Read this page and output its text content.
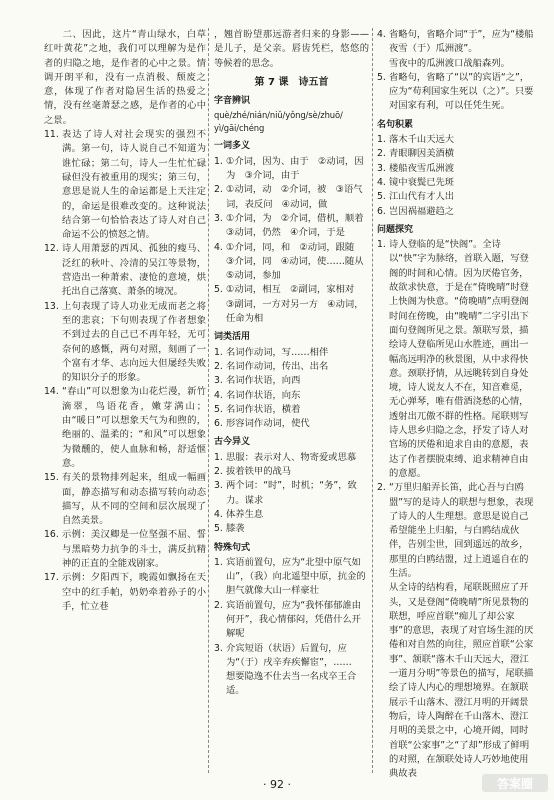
二、因此，这片“青山绿水，白草红叶黄花”之地，我们可以理解为是作者的归隐之地，是作者的心中之景。情调开朗平和，没有一点消极、颓废之意，体现了作者对隐居生活的热爱之情，没有丝毫萧瑟之感，是作者的心中之景。

11. 表达了诗人对社会现实的强烈不满。第一句，诗人说自己不知道为谁忙碌；第二句，诗人一生忙忙碌碌但没有被重用的现实；第三句，意思是说人生的命运都是上天注定的，命运是很难改变的。这种说法结合第一句恰恰表达了诗人对自己命运不公的愤怒之情。
12. 诗人用萧瑟的西风、孤独的瘦马、泛红的秋叶、冷清的吴江等景物，营造出一种萧索、凄怆的意境，烘托出自己落寞、萧条的境况。
13. 上句表现了诗人功业无成而老之将至的悲哀；下句则表现了作者想象不到过去的自己已不再年轻，无可奈何的感慨，两句对照，刻画了一个富有才华、志向远大但屡经失败的知识分子的形象。
14. “春山”可以想象为山花烂漫，新竹滴翠，鸟语花香，嫩芽满山；由“暖日”可以想象天气为和煦的，绝丽的、温柔的；“和风”可以想象为微醺的，使人血脉和畅，舒适惬意。
15. 有关的景物排列起来，组成一幅画面，静态描写和动态描写转向动态描写，从不同的空间和层次展现了自然美景。
16. 示例：美汉卿是一位坚强不屈、誓与黑暗势力抗争的斗士，满反抗精神的正直的全能戏剧家。
17. 示例：夕阳西下，晚霞如飘扬在天空中的红手帕，奶奶牵着孙子的小手，忙立巷

，翘首盼望那远游者归来的身影——是儿子，是父亲。唇齿凭栏，悠悠的等候着的思念。

第 7 课　诗五首
字音辨识

què/zhé/nián/niǔ/yǒng/sè/zhuō/

yì/gāi/chéng

一词多义
1. ①介词，因为、由于　②动词，因为　③介词，由于
2. ①动词，动　②介词，被　③语气词，表反问　④动词，做
3. ①介词，为　②介词，借机，顺着　③动词，仍然　④介词，于是
4. ①介词，同，和　②动词，跟随　③介词，同　④动词，使……随从　⑤动词，参加
5. ①动词，相互　②副词，家相对　③副词，一方对另一方　④动词，任命为相
词类活用
1. 名词作动词，写……相伴
2. 名词作动词，传出、出名
3. 名词作状语，向西
4. 名词作状语，向东
5. 名词作状语，横着
6. 形容词作动词，使代
古今异义
1. 思服：表示对人、物寄爱或思慕
2. 拔着铁甲的战马
3. 两个词：“时”，时机；“务”，致力。谋求
4. 体养生息
5. 膝袭
特殊句式
1. 宾语前置句，应为“北望中原气如山”，（我）向北遥望中原，抗金的胆气就像大山一样豪壮
2. 宾语前置句，应为“我怀郁郁誰由何开”，我心情郁闷，凭借什么开解呢
3. 介宾短语（状语）后置句，应为“（于）戌辛弃疾懈宦”，……
想要隐逸不仕去当一名戍卒王合适。
4. 省略句，省略介词“于”，应为“楼船夜雪（于）瓜洲渡”。
雪夜中的瓜洲渡口战船森列。
5. 省略句，省略了“以”的宾语“之”，应为“苟利国家生死以（之）”。只要对国家有利，可以任凭生死。
名句积累
1. 落木千山天远大
2. 青眼聊因美酒横
3. 楼船夜雪瓜洲渡
4. 镜中衰鬓已先斑
5. 江山代有才人出
6. 岂因祸福避趋之
问题探究
1. 诗人登临的是“快阁”。全诗以“快”字为脉络，首联入题，写登阁的时间和心情。因为厌倦官务，故欲求快意，于是在“倚晚晴”时登上快阁为快意。“倚晚晴”点明登阁时间在傍晚，由“晚晴”二字引出下面句登阁所见之景。颔联写景，描绘诗人登临所见山水胜迹，画出一幅高远明净的秋景图，从中求得快意。颈联抒情，从远眺转到自身处境，诗人说友人不在，知音难觅，无心弹琴，唯有借酒浇愁的心情，透射出兀傲不群的性格。尾联则写诗人思乡归隐之念，抒发了诗人对官场的厌倦和追求自由的意愿，表达了作者摆脱束缚、追求精神自由的意愿。
2. “万里归船弄长笛，此心吾与白鸥盟”写的是诗人的联想与想象，表现了诗人的人生理想。意思是说自己希望能坐上归船，与白鸥结成伙伴，告别尘世，回到遥远的故乡，那里的白鸥结盟，过上逍遥自在的生活。
从全诗的结构看，尾联既照应了开头，又是登阁“倚晚晴”所见景物的联想，呼应首联“痴儿了却公家事”的意思，表现了对官场生涯的厌倦和对自然的向往，照应首联“公家事”、颔联“落木千山天远大，澄江一道月分明”等景色的描写，尾联描绘了诗人内心的理想境界。在颔联展示千山落木、澄江月明的开阔景物后，诗人陶醉在千山落木、澄江月明的美景之中，心境开阔，同时首联“公家事”之“了却”形成了鲜明的对照，在颔联处诗人巧妙地使用典故表
· 92 ·	答案圈
